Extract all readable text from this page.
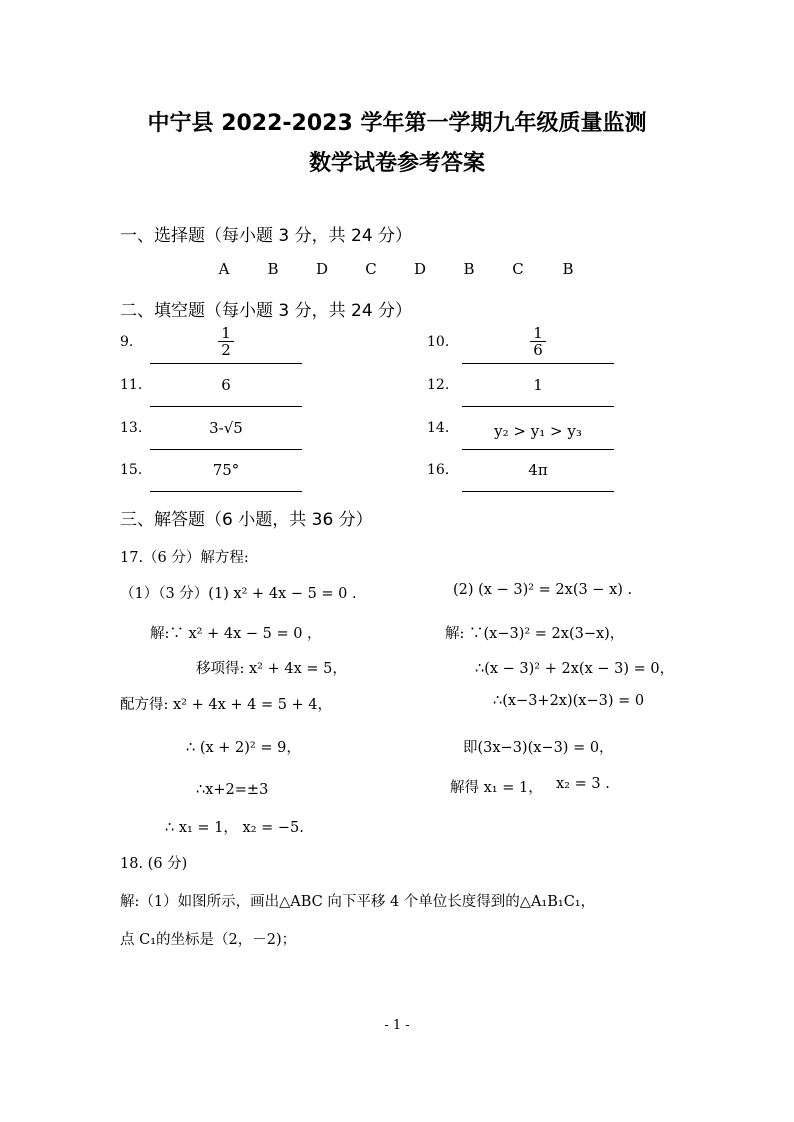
中宁县 2022-2023 学年第一学期九年级质量监测
数学试卷参考答案
一、选择题（每小题 3 分，共 24 分）
A	B	D	C	D	B	C	B
二、填空题（每小题 3 分，共 24 分）
9.	$\frac{1}{2}$	10.	$\frac{1}{6}$
11.	6	12.	1
13.	3-√5	14.	y₂ > y₁ > y₃
15.	75°	16.	4π
三、解答题（6 小题，共 36 分）
17.（6 分）解方程:
（1）（3 分）(1) x² + 4x − 5 = 0 .
解:∵ x² + 4x − 5 = 0 ，
移项得: x² + 4x = 5，
配方得: x² + 4x + 4 = 5 + 4，
∴ (x + 2)² = 9，
∴x+2=±3
∴ x₁ = 1， x₂ = −5.
(2) (x − 3)² = 2x(3 − x) .
解: ∵(x−3)² = 2x(3−x)，
∴(x − 3)² + 2x(x − 3) = 0，
∴(x−3+2x)(x−3) = 0
即(3x−3)(x−3) = 0，
解得 x₁ = 1， x₂ = 3 .
18. (6 分)
解:（1）如图所示，画出△ABC 向下平移 4 个单位长度得到的△A₁B₁C₁，
点 C₁的坐标是（2，－2)；
- 1 -
